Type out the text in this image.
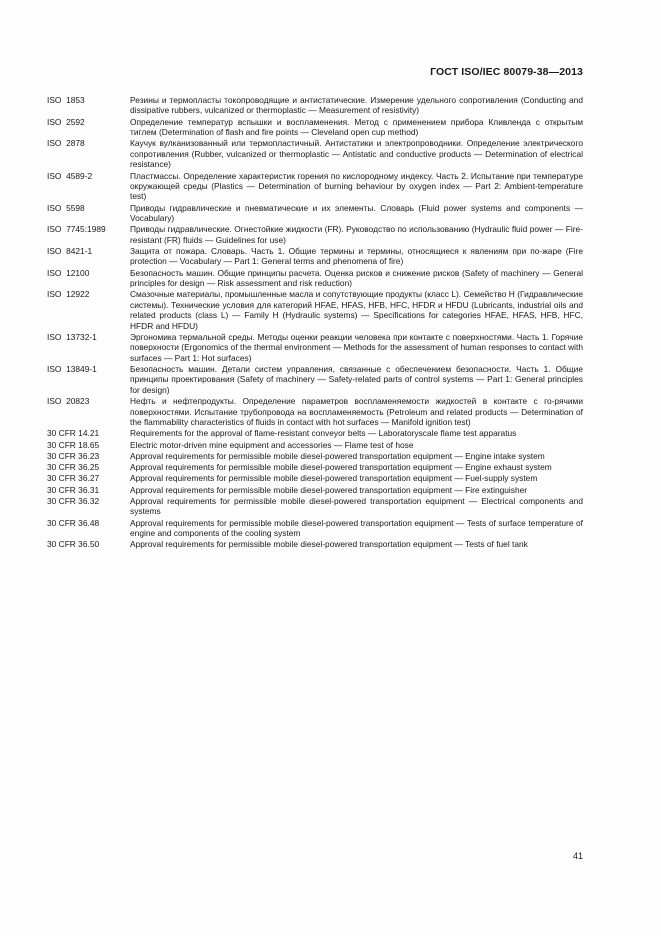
ГОСТ ISO/IEC 80079-38—2013
ISO  1853	Резины и термопласты токопроводящие и антистатические. Измерение удельного сопротивления (Conducting and dissipative rubbers, vulcanized or thermoplastic — Measurement of resistivity)
ISO  2592	Определение температур вспышки и воспламенения. Метод с применением прибора Кливленда с открытым тиглем (Determination of flash and fire points — Cleveland open cup method)
ISO  2878	Каучук вулканизованный или термопластичный. Антистатики и электропроводники. Определение электрического сопротивления (Rubber, vulcanized or thermoplastic — Antistatic and conductive products — Determination of electrical resistance)
ISO  4589-2	Пластмассы. Определение характеристик горения по кислородному индексу. Часть 2. Испытание при температуре окружающей среды (Plastics — Determination of burning behaviour by oxygen index — Part 2: Ambient-temperature test)
ISO  5598	Приводы гидравлические и пневматические и их элементы. Словарь (Fluid power systems and components — Vocabulary)
ISO  7745:1989	Приводы гидравлические. Огнестойкие жидкости (FR). Руководство по использованию (Hydraulic fluid power — Fire-resistant (FR) fluids — Guidelines for use)
ISO  8421-1	Защита от пожара. Словарь. Часть 1. Общие термины и термины, относящиеся к явлениям при по-жаре (Fire protection — Vocabulary — Part 1: General terms and phenomena of fire)
ISO  12100	Безопасность машин. Общие принципы расчета. Оценка рисков и снижение рисков (Safety of machinery — General principles for design — Risk assessment and risk reduction)
ISO  12922	Смазочные материалы, промышленные масла и сопутствующие продукты (класс L). Семейство Н (Гидравлические системы). Технические условия для категорий HFAE, HFAS, HFB, HFC, HFDR и HFDU (Lubricants, industrial oils and related products (class L) — Family H (Hydraulic systems) — Specifications for categories HFAE, HFAS, HFB, HFC, HFDR and HFDU)
ISO  13732-1	Эргономика термальной среды. Методы оценки реакции человека при контакте с поверхностями. Часть 1. Горячие поверхности (Ergonomics of the thermal environment — Methods for the assessment of human responses to contact with surfaces — Part 1: Hot surfaces)
ISO  13849-1	Безопасность машин. Детали систем управления, связанные с обеспечением безопасности. Часть 1. Общие принципы проектирования (Safety of machinery — Safety-related parts of control systems — Part 1: General principles for design)
ISO  20823	Нефть и нефтепродукты. Определение параметров воспламеняемости жидкостей в контакте с го-рячими поверхностями. Испытание трубопровода на воспламеняемость (Petroleum and related products — Determination of the flammability characteristics of fluids in contact with hot surfaces — Manifold ignition test)
30 CFR 14.21	Requirements for the approval of flame-resistant conveyor belts — Laboratoryscale flame test apparatus
30 CFR 18.65	Electric motor-driven mine equipment and accessories — Flame test of hose
30 CFR 36.23	Approval requirements for permissible mobile diesel-powered transportation equipment — Engine intake system
30 CFR 36.25	Approval requirements for permissible mobile diesel-powered transportation equipment — Engine exhaust system
30 CFR 36.27	Approval requirements for permissible mobile diesel-powered transportation equipment — Fuel-supply system
30 CFR 36.31	Approval requirements for permissible mobile diesel-powered transportation equipment — Fire extinguisher
30 CFR 36.32	Approval requirements for permissible mobile diesel-powered transportation equipment — Electrical components and systems
30 CFR 36.48	Approval requirements for permissible mobile diesel-powered transportation equipment — Tests of surface temperature of engine and components of the cooling system
30 CFR 36.50	Approval requirements for permissible mobile diesel-powered transportation equipment — Tests of fuel tank
41
